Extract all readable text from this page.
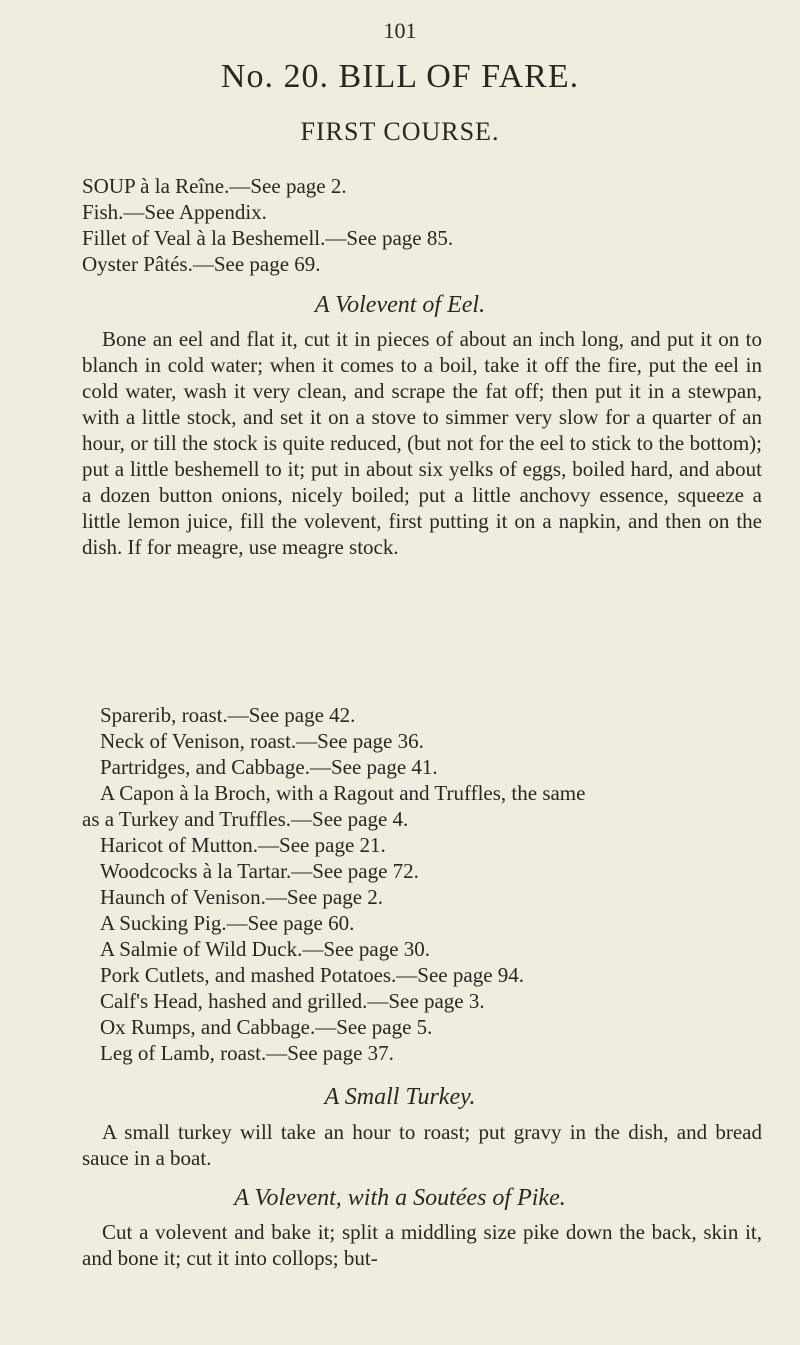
101
No. 20. BILL OF FARE.
FIRST COURSE.
SOUP à la Reîne.—See page 2.
Fish.—See Appendix.
Fillet of Veal à la Beshemell.—See page 85.
Oyster Pâtés.—See page 69.
A Volevent of Eel.
Bone an eel and flat it, cut it in pieces of about an inch long, and put it on to blanch in cold water; when it comes to a boil, take it off the fire, put the eel in cold water, wash it very clean, and scrape the fat off; then put it in a stewpan, with a little stock, and set it on a stove to simmer very slow for a quarter of an hour, or till the stock is quite reduced, (but not for the eel to stick to the bottom); put a little beshemell to it; put in about six yelks of eggs, boiled hard, and about a dozen button onions, nicely boiled; put a little anchovy essence, squeeze a little lemon juice, fill the volevent, first putting it on a napkin, and then on the dish. If for meagre, use meagre stock.
Sparerib, roast.—See page 42.
Neck of Venison, roast.—See page 36.
Partridges, and Cabbage.—See page 41.
A Capon à la Broch, with a Ragout and Truffles, the same
as a Turkey and Truffles.—See page 4.
Haricot of Mutton.—See page 21.
Woodcocks à la Tartar.—See page 72.
Haunch of Venison.—See page 2.
A Sucking Pig.—See page 60.
A Salmie of Wild Duck.—See page 30.
Pork Cutlets, and mashed Potatoes.—See page 94.
Calf's Head, hashed and grilled.—See page 3.
Ox Rumps, and Cabbage.—See page 5.
Leg of Lamb, roast.—See page 37.
A Small Turkey.
A small turkey will take an hour to roast; put gravy in the dish, and bread sauce in a boat.
A Volevent, with a Soutées of Pike.
Cut a volevent and bake it; split a middling size pike down the back, skin it, and bone it; cut it into collops; but-
